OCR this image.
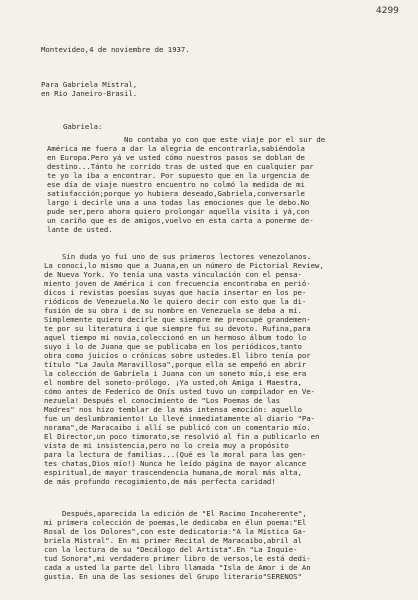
4299
Montevideo,4 de noviembre de 1937.
Para Gabriela Mistral,
en Rio Janeiro-Brasil.
Gabriela:
No contaba yo con que este viaje por el sur de
América me fuera a dar la alegria de encontrarla,sabiéndola
en Europa.Pero yá ve usted cómo nuestros pasos se doblan de
destino...Tánto he corrido tras de usted que en cualquier par
te yo la iba a encontrar. Por supuesto que en la urgencia de
ese día de viaje nuestro encuentro no colmó la medida de mi
satisfacción;porque yo hubiera deseado,Gabriela,conversarle
largo i decirle una a una todas las emociones que le debo.No
pude ser,pero ahora quiero prolongar aquella visita i yá,con
un cariño que es de amigos,vuelvo en esta carta a ponerme de-
lante de usted.
Sin duda yo fui uno de sus primeros lectores venezolanos.
La conocí,lo mismo que a Juana,en un número de Pictorial Review,
de Nueva York. Yo tenía una vasta vinculación con el pensa-
miento joven de América i con frecuencia encontraba en perió-
dicos i revistas poesías suyas que hacía insertar en los pe-
riódicos de Venezuela.No le quiero decir con esto que la di-
fusión de su obra i de su nombre en Venezuela se deba a mí.
Simplemente quiero decirle que siempre me preocupé grandemen-
te por su literatura i que siempre fui su devoto. Rufina,para
aquel tiempo mi novia,coleccionó en un hermoso álbum todo lo
suyo i lo de Juana que se publicaba en los periódicos,tanto
obra como juicios o crónicas sobre ustedes.El libro tenía por
título "La Jaula Maravillosa",porque ella se empeñó en abrir
la colección de Gabriela i Juana con un soneto mío,i ese era
el nombre del soneto-prólogo. ¡Ya usted,oh Amiga i Maestra,
cómo antes de Federico de Onís usted tuvo un compilador en Ve-
nezuela! Después el conocimiento de "Los Poemas de las
Madres" nos hizo temblar de la más intensa emoción: aquello
fue un deslumbramiento! Lo llevé inmediatamente al diario "Pa-
norama",de Maracaibo i allí se publicó con un comentario mío.
El Director,un poco timorato,se resolvió al fin a publicarlo en
vista de mi insistencia,pero no lo creía muy a propósito
para la lectura de familias...(Qué es la moral para las gen-
tes chatas,Dios mío!) Nunca he leído página de mayor alcance
espiritual,de mayor trascendencia humana,de moral más alta,
de más profundo recogimiento,de más perfecta caridad!
Después,aparecida la edición de "El Racimo Incoherente",
mi primera colección de poemas,le dedicaba en élun poema:"El
Rosal de los Dolores",con este dedicatoria:"A la Mística Ga-
briela Mistral". En mi primer Recital de Maracaibo,abril al
con la lectura de su "Decálogo del Artista".En "La Inquie-
tud Sonora",mi verdadero primer libro de versos,le está dedi-
cada a usted la parte del libro llamada "Isla de Amor i de An
gustia. En una de las sesiones del Grupo literario"SERENOS"
